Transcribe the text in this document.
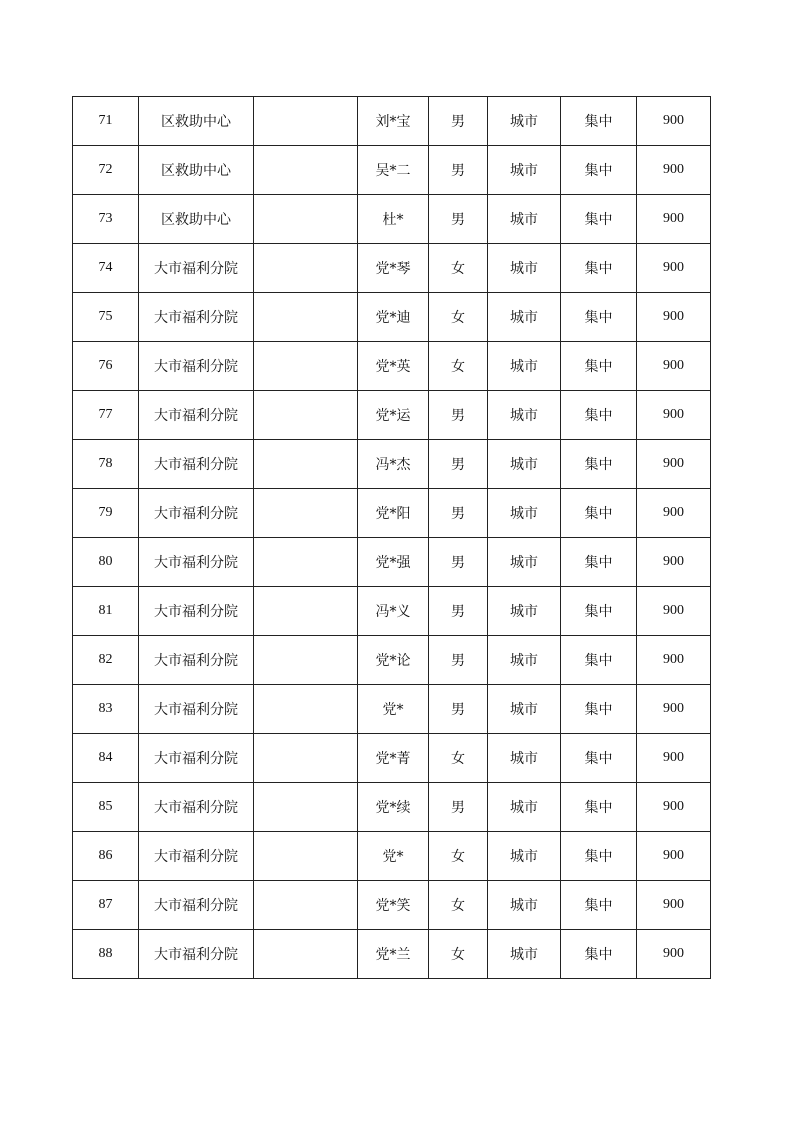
71	区救助中心		刘*宝	男	城市	集中	900
72	区救助中心		吴*二	男	城市	集中	900
73	区救助中心		杜*	男	城市	集中	900
74	大市福利分院		党*琴	女	城市	集中	900
75	大市福利分院		党*迪	女	城市	集中	900
76	大市福利分院		党*英	女	城市	集中	900
77	大市福利分院		党*运	男	城市	集中	900
78	大市福利分院		冯*杰	男	城市	集中	900
79	大市福利分院		党*阳	男	城市	集中	900
80	大市福利分院		党*强	男	城市	集中	900
81	大市福利分院		冯*义	男	城市	集中	900
82	大市福利分院		党*论	男	城市	集中	900
83	大市福利分院		党*	男	城市	集中	900
84	大市福利分院		党*菁	女	城市	集中	900
85	大市福利分院		党*续	男	城市	集中	900
86	大市福利分院		党*	女	城市	集中	900
87	大市福利分院		党*笑	女	城市	集中	900
88	大市福利分院		党*兰	女	城市	集中	900
